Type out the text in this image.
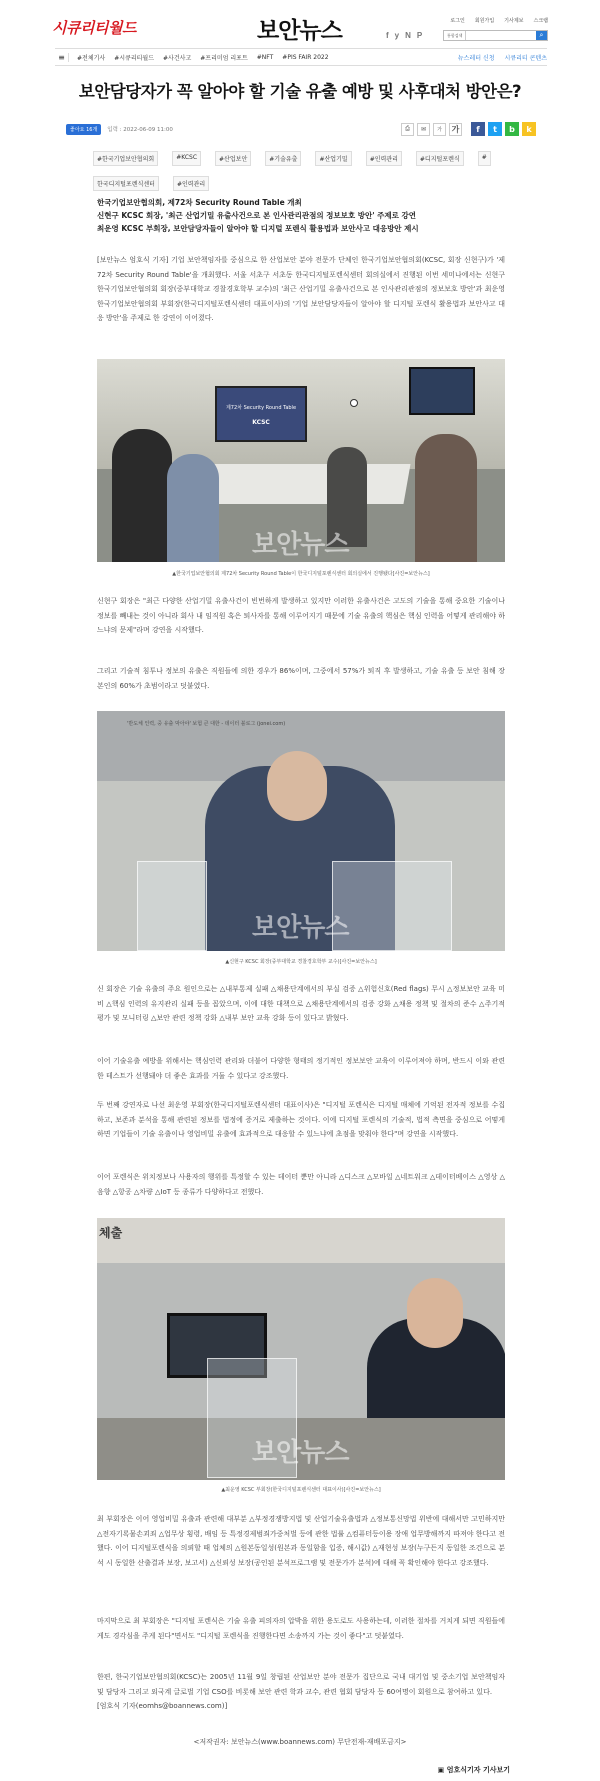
시큐리티월드	보안뉴스	로그인 회원가입 기사제보 스크랩
f y N P	통합검색	⌕
≡	#전체기사 #시큐리티월드 #사건사고 #프리미엄 리포트 #NFT #PIS FAIR 2022	뉴스레터 신청 시큐리티 콘텐츠
보안담당자가 꼭 알아야 할 기술 유출 예방 및 사후대처 방안은?
좋아요 16개	입력 : 2022-06-09 11:00	⎙	✉	가	가	f	t	b	k
#한국기업보안협의회	#KCSC	#산업보안	#기술유출	#산업기밀	#인력관리	#디지털포렌식	#
한국디지털포렌식센터	#인력관리
한국기업보안협의회, 제72차 Security Round Table 개최
신현구 KCSC 회장, '최근 산업기밀 유출사건으로 본 인사관리관점의 정보보호 방안' 주제로 강연
최운영 KCSC 부회장, 보안담당자들이 알아야 할 디지털 포렌식 활용법과 보안사고 대응방안 제시
[보안뉴스 엄호식 기자] 기업 보안책임자를 중심으로 한 산업보안 분야 전문가 단체인 한국기업보안협의회(KCSC, 회장 신현구)가 '제72차 Security Round Table'을 개최했다. 서울 서초구 서초동 한국디지털포렌식센터 회의실에서 진행된 이번 세미나에서는 신현구 한국기업보안협의회 회장(중부대학교 경찰경호학부 교수)의 '최근 산업기밀 유출사건으로 본 인사관리관점의 정보보호 방안'과 최운영 한국기업보안협의회 부회장(한국디지털포렌식센터 대표이사)의 '기업 보안담당자들이 알아야 할 디지털 포렌식 활용법과 보안사고 대응 방안'을 주제로 한 강연이 이어졌다.
제72차 Security Round Table
KCSC
보안뉴스
▲한국기업보안협의회 제72차 Security Round Table이 한국디지털포렌식센터 회의실에서 진행됐다[사진=보안뉴스]
신현구 회장은 "최근 다양한 산업기밀 유출사건이 빈번하게 발생하고 있지만 이러한 유출사건은 고도의 기술을 통해 중요한 기술이나 정보를 빼내는 것이 아니라 회사 내 임직원 혹은 퇴사자를 통해 이루어지기 때문에 기술 유출의 핵심은 핵심 인력을 어떻게 관리해야 하느냐의 문제"라며 강연을 시작했다.
그리고 기술적 침투나 정보의 유출은 직원들에 의한 경우가 86%이며, 그중에서 57%가 퇴직 후 발생하고, 기술 유출 등 보안 침해 장본인의 60%가 초범이라고 덧붙였다.
'반도체 인력, 중 유출 막아야' 보험 큰 대한 - 데이터 블로그 (jonei.com)
보안뉴스
▲신현구 KCSC 회장(중부대학교 경찰경호학부 교수)[사진=보안뉴스]
신 회장은 기술 유출의 주요 원인으로는 △내부통제 실패 △채용단계에서의 부실 검증 △위험신호(Red flags) 무시 △정보보안 교육 미비 △핵심 인력의 유지관리 실패 등을 꼽았으며, 이에 대한 대책으로 △채용단계에서의 검증 강화 △채용 정책 및 절차의 준수 △주기적 평가 및 모니터링 △보안 관련 정책 강화 △내부 보안 교육 강화 등이 있다고 밝혔다.
이어 기술유출 예방을 위해서는 핵심인력 관리와 더불어 다양한 형태의 정기적인 정보보안 교육이 이루어져야 하며, 반드시 이와 관련한 테스트가 선행돼야 더 좋은 효과를 거둘 수 있다고 강조했다.
두 번째 강연자로 나선 최운영 부회장(한국디지털포렌식센터 대표이사)은 "디지털 포렌식은 디지털 매체에 기억된 전자적 정보를 수집하고, 보존과 분석을 통해 관련된 정보를 법정에 증거로 제출하는 것이다. 이에 디지털 포렌식의 기술적, 법적 측면을 중심으로 어떻게 하면 기업들이 기술 유출이나 영업비밀 유출에 효과적으로 대응할 수 있느냐에 초점을 맞춰야 한다"며 강연을 시작했다.
이어 포렌식은 위치정보나 사용자의 행위를 특정할 수 있는 데이터 뿐만 아니라 △디스크 △모바일 △네트워크 △데이터베이스 △영상 △음향 △항공 △차량 △IoT 등 종류가 다양하다고 전했다.
체출
보안뉴스
▲최운영 KCSC 부회장(한국디지털포렌식센터 대표이사)[사진=보안뉴스]
최 부회장은 이어 영업비밀 유출과 관련해 대부분 △부정경쟁방지법 및 산업기술유출법과 △정보통신망법 위반에 대해서만 고민하지만 △전자기록물손괴죄 △업무상 횡령, 배임 등 특정경제범죄가중처벌 등에 관한 법률 △컴퓨터등이용 장애 업무방해까지 따져야 한다고 전했다. 이어 디지털포렌식을 의뢰할 때 업체의 △원본동일성(원본과 동일함을 입증, 해시값) △재현성 보장(누구든지 동일한 조건으로 분석 시 동일한 산출결과 보장, 보고서) △신뢰성 보장(공인된 분석프로그램 및 전문가가 분석)에 대해 꼭 확인해야 한다고 강조했다.
마지막으로 최 부회장은 "디지털 포렌식은 기술 유출 피의자의 압박을 위한 용도로도 사용하는데, 이러한 절차를 거치게 되면 직원들에게도 경각심을 주게 된다"면서도 "디지털 포렌식을 진행한다면 소송까지 가는 것이 좋다"고 덧붙였다.
한편, 한국기업보안협의회(KCSC)는 2005년 11월 9일 창립된 산업보안 분야 전문가 집단으로 국내 대기업 및 중소기업 보안책임자 및 담당자 그리고 외국계 글로벌 기업 CSO를 비롯해 보안 관련 학과 교수, 관련 협회 담당자 등 60여명이 회원으로 참여하고 있다.
[엄호식 기자(eomhs@boannews.com)]
<저작권자: 보안뉴스(www.boannews.com) 무단전재-재배포금지>
▣ 엄호식기자 기사보기
